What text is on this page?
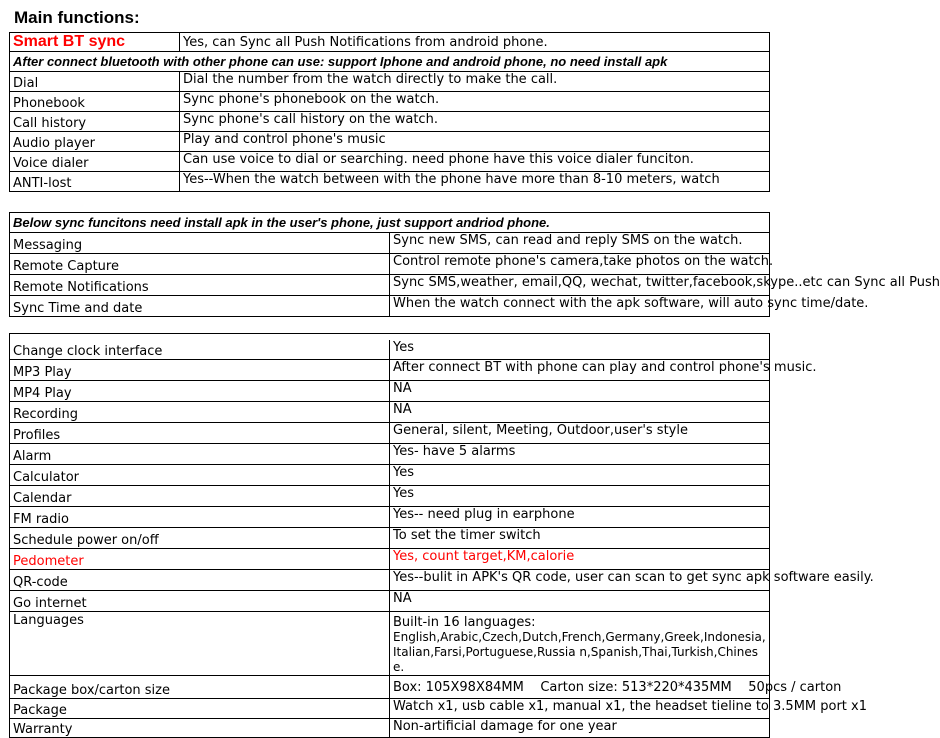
Main functions:
Smart BT sync	Yes, can Sync all Push Notifications from android phone.
After connect bluetooth with other phone can use: support Iphone and android phone, no need install apk	
Dial	Dial the number from the watch directly to make the call.
Phonebook	Sync phone's phonebook on the watch.
Call history	Sync phone's call history on the watch.
Audio player	Play and control phone's music
Voice dialer	Can use voice to dial or searching. need phone have this voice dialer funciton.
ANTI-lost	Yes--When the watch between with the phone have more than 8-10 meters, watch
Below sync funcitons need install apk in the user's phone, just support andriod phone.	
Messaging	Sync new SMS, can read and reply SMS on the watch.
Remote Capture	Control remote phone's camera,take photos on the watch.
Remote Notifications	Sync SMS,weather, email,QQ, wechat, twitter,facebook,skype..etc can Sync all Push
Sync Time and date	When the watch connect with the apk software, will auto sync time/date.

Change clock interface	Yes
MP3 Play	After connect BT with phone can play and control phone's music.
MP4 Play	NA
Recording	NA
Profiles	General, silent, Meeting, Outdoor,user's style
Alarm	Yes- have 5 alarms
Calculator	Yes
Calendar	Yes
FM radio	Yes-- need plug in earphone
Schedule power on/off	To set the timer switch
Pedometer	Yes, count target,KM,calorie
QR-code	Yes--bulit in APK's QR code, user can scan to get sync apk software easily.
Go internet	NA
Languages	Built-in 16 languages:
English,Arabic,Czech,Dutch,French,Germany,Greek,Indonesia,Italian,Farsi,Portuguese,Russia n,Spanish,Thai,Turkish,Chinese.

Package box/carton size	Box: 105X98X84MM    Carton size: 513*220*435MM    50pcs / carton
Package	Watch x1, usb cable x1, manual x1, the headset tieline to 3.5MM port x1
Warranty	Non-artificial damage for one year
